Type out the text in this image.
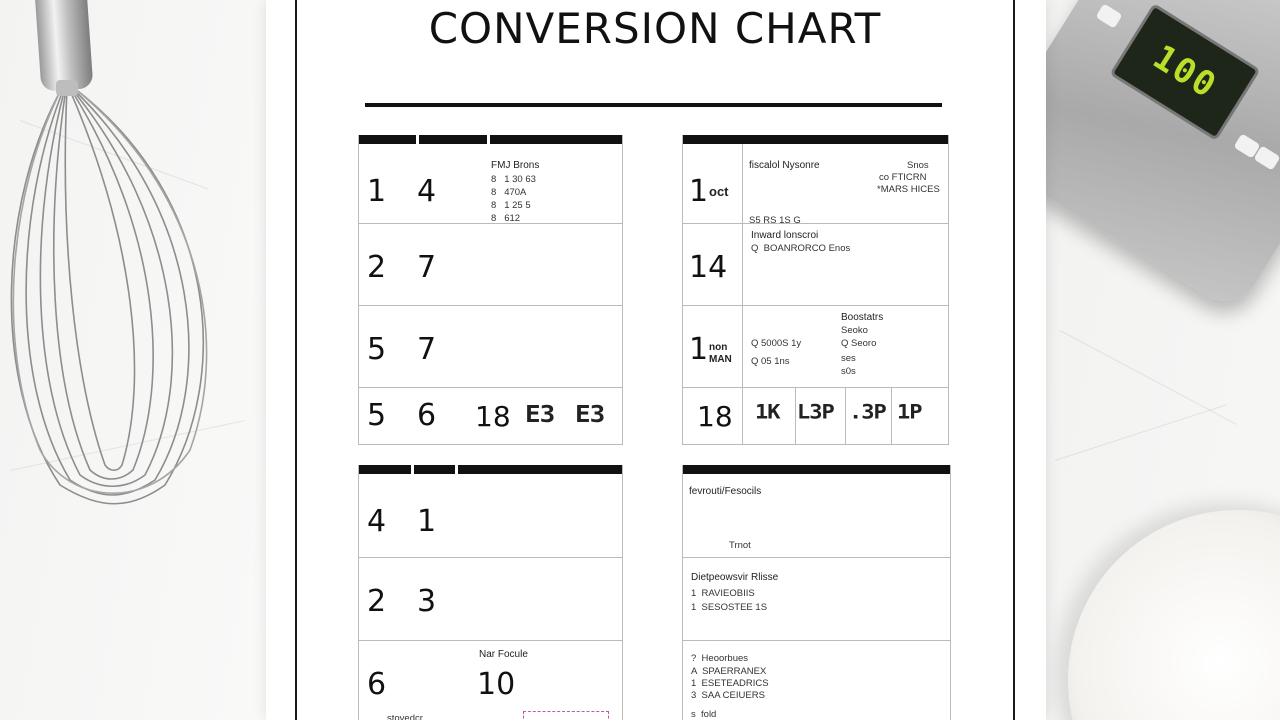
100
CONVERSION CHART
1 4
FMJ Brons
8   1 30 63
8   470A
8   1 25 5
8   612
2 7
5 7
5 6 18 E3 E3
1 oct
fiscalol Nysonre
S5 RS 1S G
Snos
co FTICRN
*MARS HICES
14
Inward lonscroi
Q  BOANRORCO Enos
1 non MAN
Boostatrs
Seoko
Q 5000S 1y	Q Seoro
Q 05 1ns	ses
s0s
18 1K L3P .3P 1P
4 1
2 3
6	10
Nar Focule
stovedcr
fevrouti/Fesocils
Trnot
Dietpeowsvir Rlisse
1  RAVIEOBIIS
1  SESOSTEE 1S
?  Heoorbues
A  SPAERRANEX
1  ESETEADRICS
3  SAA CEIUERS
s  fold
